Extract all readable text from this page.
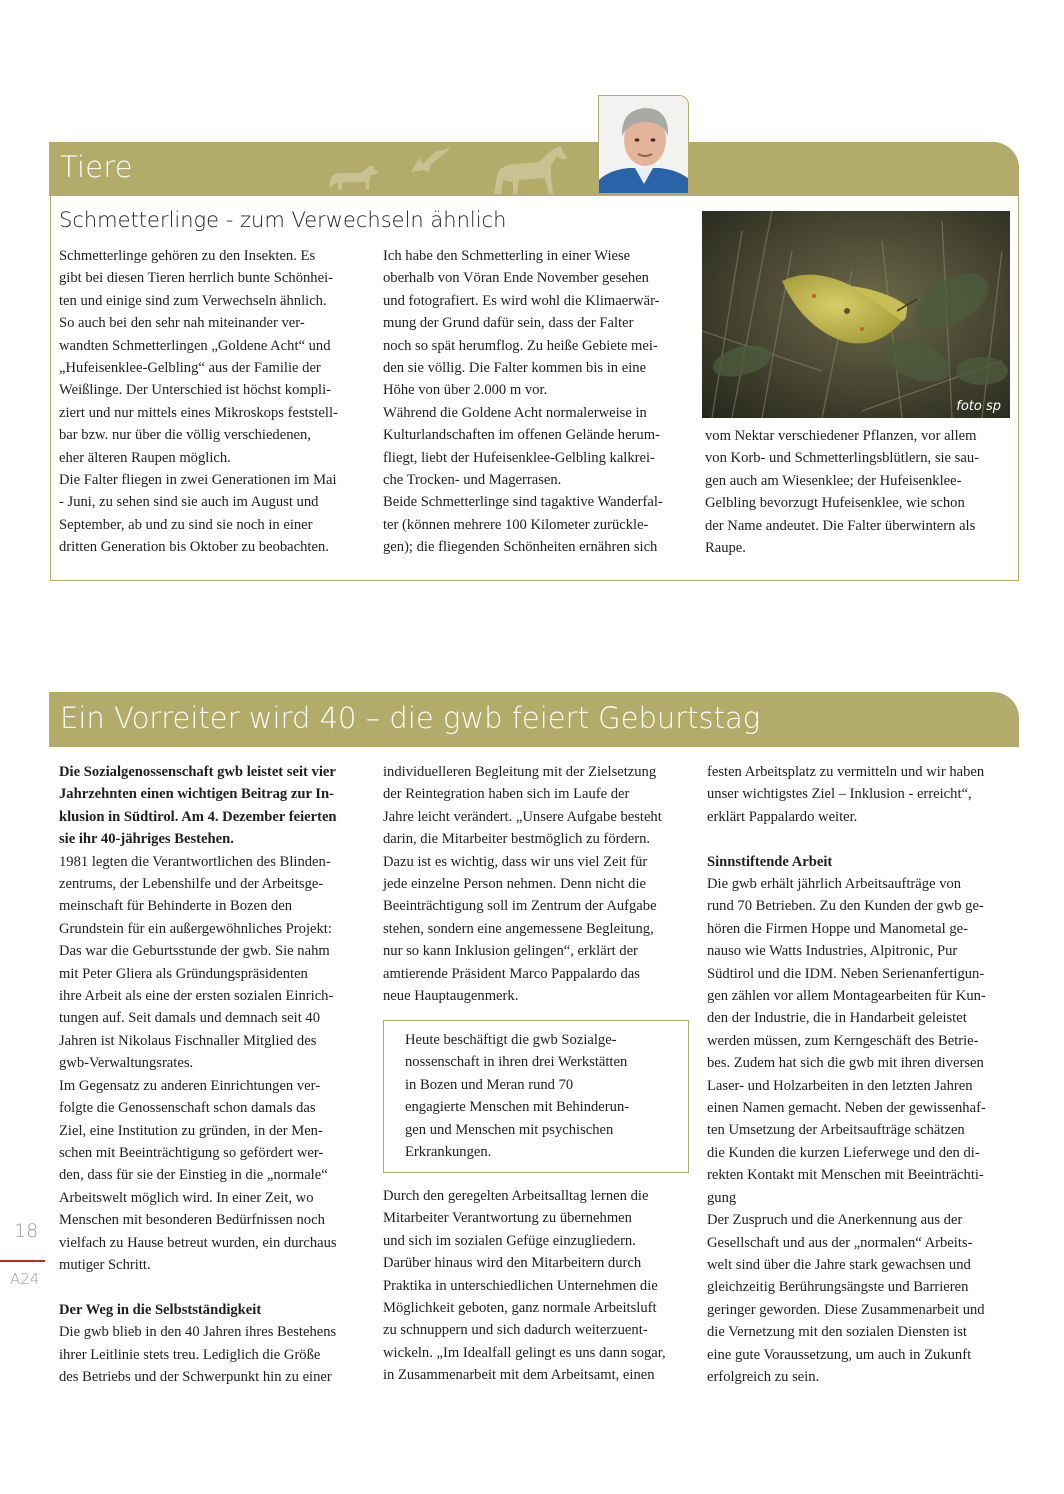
Tiere
Schmetterlinge - zum Verwechseln ähnlich

Schmetterlinge gehören zu den Insekten. Es

gibt bei diesen Tieren herrlich bunte Schönhei-

ten und einige sind zum Verwechseln ähnlich.

So auch bei den sehr nah miteinander ver-

wandten Schmetterlingen „Goldene Acht“ und

„Hufeisenklee-Gelbling“ aus der Familie der

Weißlinge. Der Unterschied ist höchst kompli-

ziert und nur mittels eines Mikroskops feststell-

bar bzw. nur über die völlig verschiedenen,

eher älteren Raupen möglich.

Die Falter fliegen in zwei Generationen im Mai

- Juni, zu sehen sind sie auch im August und

September, ab und zu sind sie noch in einer

dritten Generation bis Oktober zu beobachten.

Ich habe den Schmetterling in einer Wiese

oberhalb von Vöran Ende November gesehen

und fotografiert. Es wird wohl die Klimaerwär-

mung der Grund dafür sein, dass der Falter

noch so spät herumflog. Zu heiße Gebiete mei-

den sie völlig. Die Falter kommen bis in eine

Höhe von über 2.000 m vor.

Während die Goldene Acht normalerweise in

Kulturlandschaften im offenen Gelände herum-

fliegt, liebt der Hufeisenklee-Gelbling kalkrei-

che Trocken- und Magerrasen.

Beide Schmetterlinge sind tagaktive Wanderfal-

ter (können mehrere 100 Kilometer zurückle-

gen); die fliegenden Schönheiten ernähren sich

foto sp

vom Nektar verschiedener Pflanzen, vor allem

von Korb- und Schmetterlingsblütlern, sie sau-

gen auch am Wiesenklee; der Hufeisenklee-

Gelbling bevorzugt Hufeisenklee, wie schon

der Name andeutet. Die Falter überwintern als

Raupe.

Ein Vorreiter wird 40 – die gwb feiert Geburtstag

Die Sozialgenossenschaft gwb leistet seit vier

Jahrzehnten einen wichtigen Beitrag zur In-

klusion in Südtirol. Am 4. Dezember feierten

sie ihr 40-jähriges Bestehen.

1981 legten die Verantwortlichen des Blinden-

zentrums, der Lebenshilfe und der Arbeitsge-

meinschaft für Behinderte in Bozen den

Grundstein für ein außergewöhnliches Projekt:

Das war die Geburtsstunde der gwb. Sie nahm

mit Peter Gliera als Gründungspräsidenten

ihre Arbeit als eine der ersten sozialen Einrich-

tungen auf. Seit damals und demnach seit 40

Jahren ist Nikolaus Fischnaller Mitglied des

gwb-Verwaltungsrates.

Im Gegensatz zu anderen Einrichtungen ver-

folgte die Genossenschaft schon damals das

Ziel, eine Institution zu gründen, in der Men-

schen mit Beeinträchtigung so gefördert wer-

den, dass für sie der Einstieg in die „normale“

Arbeitswelt möglich wird. In einer Zeit, wo

Menschen mit besonderen Bedürfnissen noch

vielfach zu Hause betreut wurden, ein durchaus

mutiger Schritt.

Der Weg in die Selbstständigkeit

Die gwb blieb in den 40 Jahren ihres Bestehens

ihrer Leitlinie stets treu. Lediglich die Größe

des Betriebs und der Schwerpunkt hin zu einer

individuelleren Begleitung mit der Zielsetzung

der Reintegration haben sich im Laufe der

Jahre leicht verändert. „Unsere Aufgabe besteht

darin, die Mitarbeiter bestmöglich zu fördern.

Dazu ist es wichtig, dass wir uns viel Zeit für

jede einzelne Person nehmen. Denn nicht die

Beeinträchtigung soll im Zentrum der Aufgabe

stehen, sondern eine angemessene Begleitung,

nur so kann Inklusion gelingen“, erklärt der

amtierende Präsident Marco Pappalardo das

neue Hauptaugenmerk.

Heute beschäftigt die gwb Sozialge-

nossenschaft in ihren drei Werkstätten

in Bozen und Meran rund 70

engagierte Menschen mit Behinderun-

gen und Menschen mit psychischen

Erkrankungen.

Durch den geregelten Arbeitsalltag lernen die

Mitarbeiter Verantwortung zu übernehmen

und sich im sozialen Gefüge einzugliedern.

Darüber hinaus wird den Mitarbeitern durch

Praktika in unterschiedlichen Unternehmen die

Möglichkeit geboten, ganz normale Arbeitsluft

zu schnuppern und sich dadurch weiterzuent-

wickeln. „Im Idealfall gelingt es uns dann sogar,

in Zusammenarbeit mit dem Arbeitsamt, einen

festen Arbeitsplatz zu vermitteln und wir haben

unser wichtigstes Ziel – Inklusion - erreicht“,

erklärt Pappalardo weiter.

Sinnstiftende Arbeit

Die gwb erhält jährlich Arbeitsaufträge von

rund 70 Betrieben. Zu den Kunden der gwb ge-

hören die Firmen Hoppe und Manometal ge-

nauso wie Watts Industries, Alpitronic, Pur

Südtirol und die IDM. Neben Serienanfertigun-

gen zählen vor allem Montagearbeiten für Kun-

den der Industrie, die in Handarbeit geleistet

werden müssen, zum Kerngeschäft des Betrie-

bes. Zudem hat sich die gwb mit ihren diversen

Laser- und Holzarbeiten in den letzten Jahren

einen Namen gemacht. Neben der gewissenhaf-

ten Umsetzung der Arbeitsaufträge schätzen

die Kunden die kurzen Lieferwege und den di-

rekten Kontakt mit Menschen mit Beeinträchti-

gung

Der Zuspruch und die Anerkennung aus der

Gesellschaft und aus der „normalen“ Arbeits-

welt sind über die Jahre stark gewachsen und

gleichzeitig Berührungsängste und Barrieren

geringer geworden. Diese Zusammenarbeit und

die Vernetzung mit den sozialen Diensten ist

eine gute Voraussetzung, um auch in Zukunft

erfolgreich zu sein.

18
A24
